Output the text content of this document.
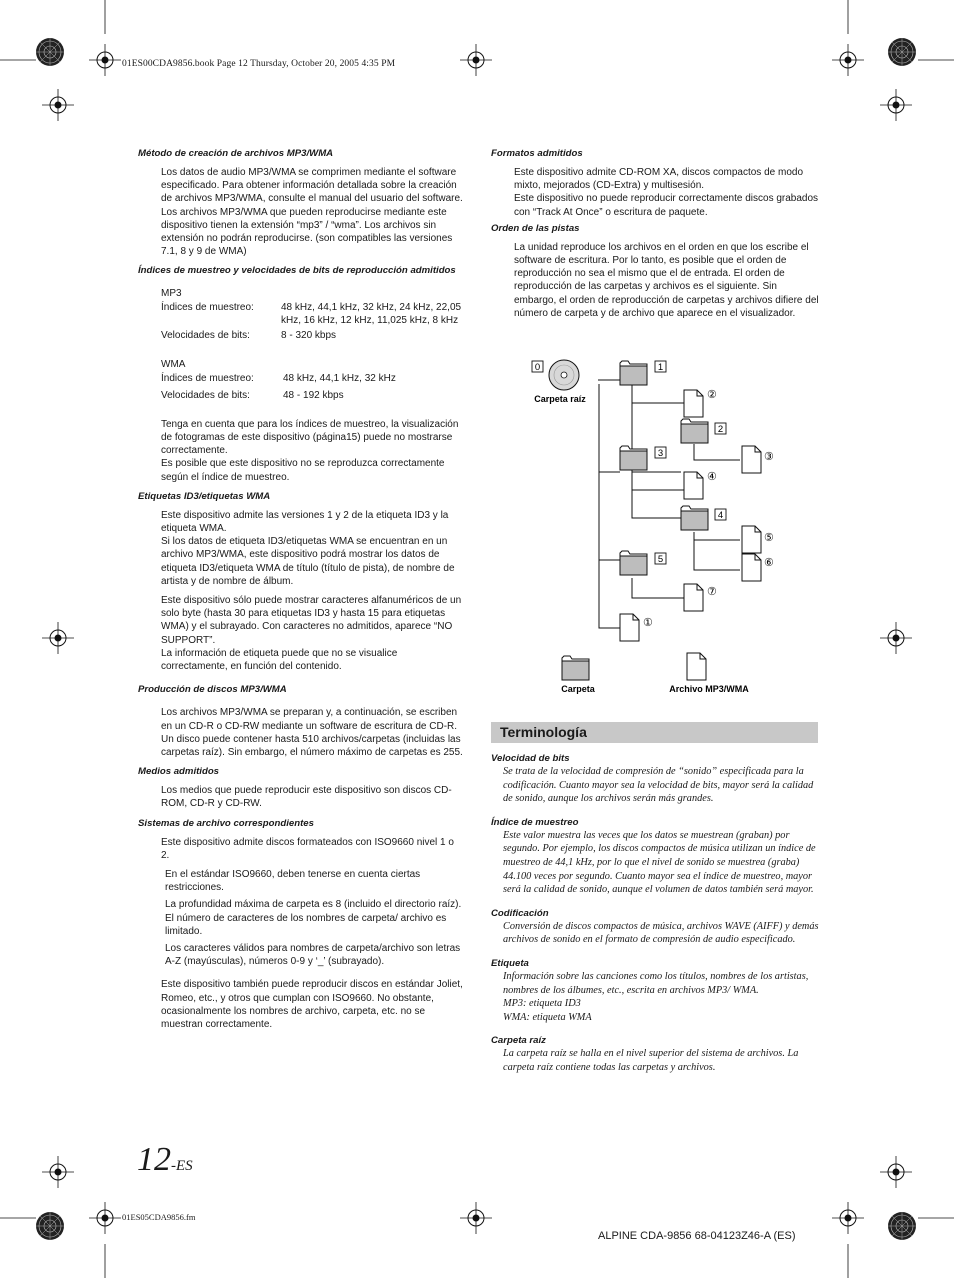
01ES00CDA9856.book Page 12 Thursday, October 20, 2005 4:35 PM

Método de creación de archivos MP3/WMA

Los datos de audio MP3/WMA se comprimen mediante el software especificado. Para obtener información detallada sobre la creación de archivos MP3/WMA, consulte el manual del usuario del software.

Los archivos MP3/WMA que pueden reproducirse mediante este dispositivo tienen la extensión “mp3” / “wma”. Los archivos sin extensión no podrán reproducirse. (son compatibles las versiones 7.1, 8 y 9 de WMA)

Índices de muestreo y velocidades de bits de reproducción admitidos

MP3
Índices de muestreo:	48 kHz, 44,1 kHz, 32 kHz, 24 kHz, 22,05 kHz, 16 kHz, 12 kHz, 11,025 kHz, 8 kHz
Velocidades de bits:	8 - 320 kbps
WMA
Índices de muestreo:	48 kHz, 44,1 kHz, 32 kHz
Velocidades de bits:	48 - 192 kbps

Tenga en cuenta que para los índices de muestreo, la visualización de fotogramas de este dispositivo (página15) puede no mostrarse correctamente.

Es posible que este dispositivo no se reproduzca correctamente según el índice de muestreo.

Etiquetas ID3/etiquetas WMA

Este dispositivo admite las versiones 1 y 2 de la etiqueta ID3 y la etiqueta WMA.

Si los datos de etiqueta ID3/etiquetas WMA se encuentran en un archivo MP3/WMA, este dispositivo podrá mostrar los datos de etiqueta ID3/etiqueta WMA de título (título de pista), de nombre de artista y de nombre de álbum.

Este dispositivo sólo puede mostrar caracteres alfanuméricos de un solo byte (hasta 30 para etiquetas ID3 y hasta 15 para etiquetas WMA) y el subrayado. Con caracteres no admitidos, aparece “NO SUPPORT”.

La información de etiqueta puede que no se visualice correctamente, en función del contenido.

Producción de discos MP3/WMA

Los archivos MP3/WMA se preparan y, a continuación, se escriben en un CD-R o CD-RW mediante un software de escritura de CD-R. Un disco puede contener hasta 510 archivos/carpetas (incluidas las carpetas raíz). Sin embargo, el número máximo de carpetas es 255.

Medios admitidos

Los medios que puede reproducir este dispositivo son discos CD-ROM, CD-R y CD-RW.

Sistemas de archivo correspondientes

Este dispositivo admite discos formateados con ISO9660 nivel 1 o 2.

En el estándar ISO9660, deben tenerse en cuenta ciertas restricciones.

La profundidad máxima de carpeta es 8 (incluido el directorio raíz). El número de caracteres de los nombres de carpeta/ archivo es limitado.

Los caracteres válidos para nombres de carpeta/archivo son letras A-Z (mayúsculas), números 0-9 y ‘_’ (subrayado).

Este dispositivo también puede reproducir discos en estándar Joliet, Romeo, etc., y otros que cumplan con ISO9660. No obstante, ocasionalmente los nombres de archivo, carpeta, etc. no se muestran correctamente.

Formatos admitidos

Este dispositivo admite CD-ROM XA, discos compactos de modo mixto, mejorados (CD-Extra) y multisesión.

Este dispositivo no puede reproducir correctamente discos grabados con “Track At Once” o escritura de paquete.

Orden de las pistas

La unidad reproduce los archivos en el orden en que los escribe el software de escritura. Por lo tanto, es posible que el orden de reproducción no sea el mismo que el de entrada. El orden de reproducción de las carpetas y archivos es el siguiente. Sin embargo, el orden de reproducción de carpetas y archivos difiere del número de carpeta y de archivo que aparece en el visualizador.

0
Carpeta raíz
1
2
3
4
5
②
③
④
⑤
⑥
⑦
①
Carpeta	Archivo MP3/WMA
Terminología

Velocidad de bits

Se trata de la velocidad de compresión de “sonido” especificada para la codificación. Cuanto mayor sea la velocidad de bits, mayor será la calidad de sonido, aunque los archivos serán más grandes.

Índice de muestreo

Este valor muestra las veces que los datos se muestrean (graban) por segundo. Por ejemplo, los discos compactos de música utilizan un índice de muestreo de 44,1 kHz, por lo que el nivel de sonido se muestrea (graba) 44.100 veces por segundo. Cuanto mayor sea el índice de muestreo, mayor será la calidad de sonido, aunque el volumen de datos también será mayor.

Codificación

Conversión de discos compactos de música, archivos WAVE (AIFF) y demás archivos de sonido en el formato de compresión de audio especificado.

Etiqueta

Información sobre las canciones como los títulos, nombres de los artistas, nombres de los álbumes, etc., escrita en archivos MP3/ WMA.

MP3: etiqueta ID3

WMA: etiqueta WMA

Carpeta raíz

La carpeta raíz se halla en el nivel superior del sistema de archivos. La carpeta raíz contiene todas las carpetas y archivos.

12-ES
01ES05CDA9856.fm
ALPINE CDA-9856 68-04123Z46-A (ES)
